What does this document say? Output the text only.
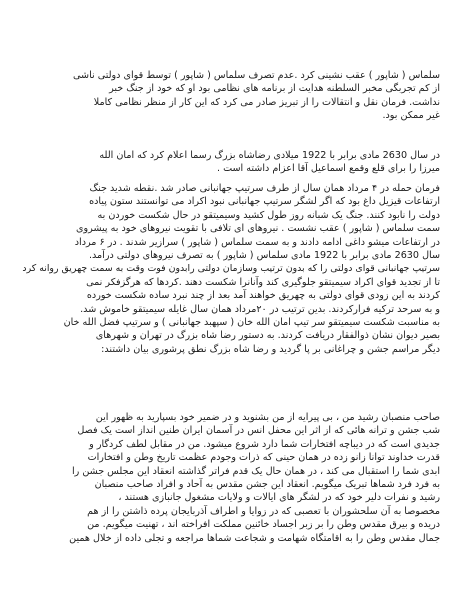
سلماس ( شاپور ) عقب نشینی کرد .عدم تصرف سلماس ( شاپور ) توسط قوای دولتی ناشی
از کم تجربگی مخبر السلطنه هدایت از برنامه های نظامی بود او که خود از جنگ خبر
نداشت. فرمان نقل و انتقالات را از تبریز صادر می کرد که این کار از منظر نظامی کاملا
غیر ممکن بود.
در سال 2630 مادی برابر با 1922 میلادی رضاشاه بزرگ رسما اعلام کرد که امان الله
میرزا را برای قلع وقمع اسماعیل آقا اعزام داشته است .
فرمان حمله در ۴ مرداد همان سال از طرف سرتیپ جهانبانی صادر شد .نقطه شدید جنگ
ارتفاعات قیزیل داغ بود که اگر لشگر سرتیپ جهانبانی نبود اکراد می توانستند ستون پیاده
دولت را نابود کنند. جنگ یک شبانه روز طول کشید وسیمیتقو در حال شکست خوردن به
سمت سلماس ( شاپور ) عقب نشست . نیروهای ای تلافی با تقویت نیروهای خود به پیشروی
در ارتفاعات میشو داغی ادامه دادند و به سمت سلماس ( شاپور ) سرازیر شدند . در ۶ مرداد
سال 2630 مادی برابر با 1922 مادی سلماس ( شاپور ) به تصرف نیروهای دولتی درآمد.
سرتیپ جهانبانی قوای دولتی را که بدون ترتیب وسازمان دولتی رابدون فوت وقت به سمت چهریق روانه کرد
تا از تجدید قوای اکراد سیمیتقو جلوگیری کند وآنانرا شکست دهند .کردها که هرگزفکر نمی
کردند به این زودی قوای دولتی به چهریق خواهند آمد بعد از چند نبرد ساده شکست خورده
و به سرحد ترکیه فرارکردند. بدین ترتیب در ۲۰مرداد همان سال غایله سیمیتقو خاموش شد.
به مناسبت شکست سیمیتقو سر تیپ امان الله خان ( سپهبد جهانبانی ) و سرتیپ فضل الله خان
بصیر دیوان نشان ذوالفقار دریافت کردند. به دستور رضا شاه بزرگ در تهران و شهرهای
دیگر مراسم جشن و چراغانی بر پا گردید و رضا شاه بزرگ نطق پرشوری بیان داشتند:
صاحب منصبان رشید من ، بی پیرایه از من بشنوید و در ضمیر خود بسپارید به ظهور این
شب جشن و ترانه هائی که از اثر این محفل انس در آسمان ایران طنین انداز است یک فصل
جدیدی است که در دیباچه افتخارات شما دارد شروع میشود. من در مقابل لطف کردگار و
قدرت خداوند توانا زانو زده در همان حینی که ذرات وجودم عظمت تاریخ وطن و افتخارات
ابدی شما را استقبال می کند ، در همان حال یک قدم فراتر گذاشته انعقاد این مجلس جشن را
به فرد فرد شماها تبریک میگویم. انعقاد این جشن مقدس به آحاد و افراد صاحب منصبان
رشید و نفرات دلیر خود که در لشگر های ایالات و ولایات مشغول جانبازی هستند ،
مخصوصا به آن سلحشوران با تعصبی که در زوایا و اطراف آذربایجان پرده ذاشتن را از هم
دریده و بیرق مقدس وطن را بر زبر اجساد خائنین مملکت افراخته اند ، تهنیت میگویم. من
جمال مقدس وطن را به اقامتگاه شهامت و شجاعت شماها مراجعه و تجلی داده از خلال همین
